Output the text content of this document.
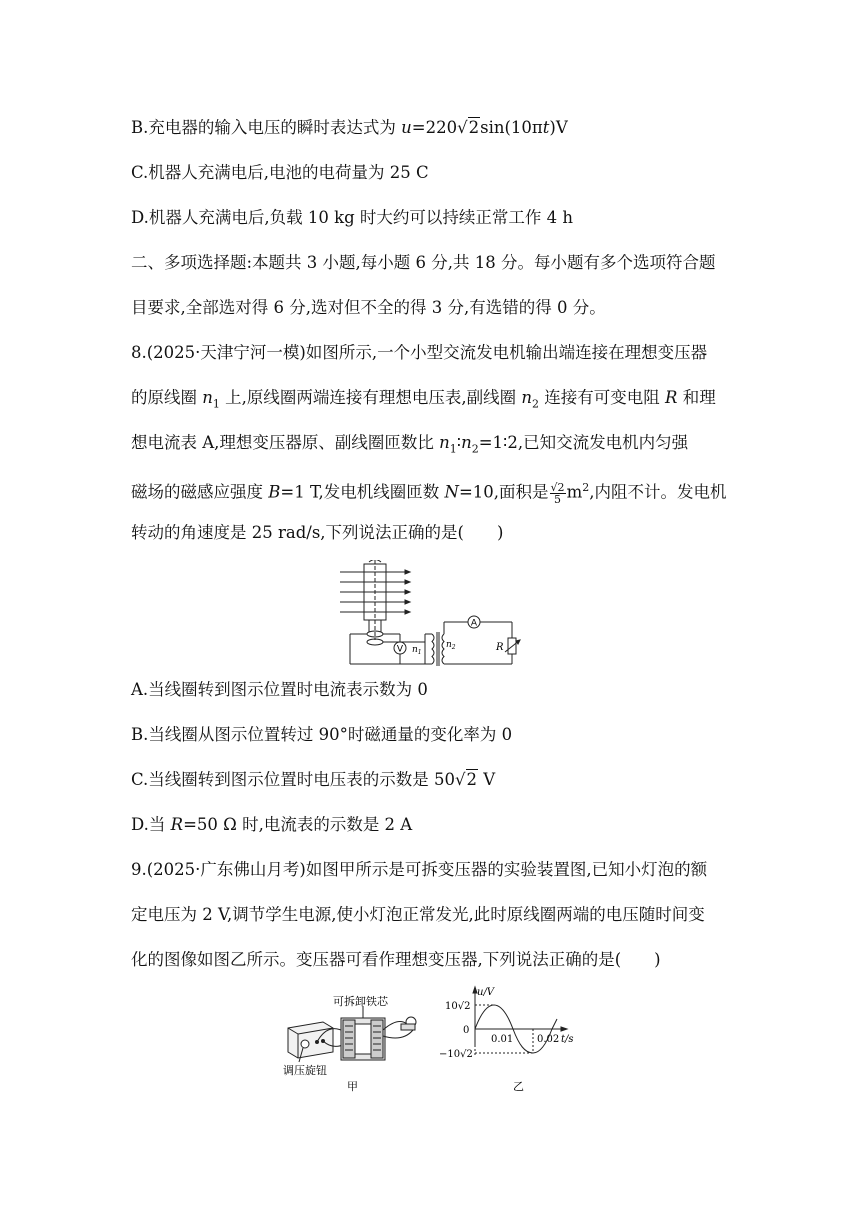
B.充电器的输入电压的瞬时表达式为 u=220√2sin(10πt)V
C.机器人充满电后,电池的电荷量为 25 C
D.机器人充满电后,负载 10 kg 时大约可以持续正常工作 4 h
二、多项选择题:本题共 3 小题,每小题 6 分,共 18 分。每小题有多个选项符合题
目要求,全部选对得 6 分,选对但不全的得 3 分,有选错的得 0 分。
8.(2025·天津宁河一模)如图所示,一个小型交流发电机输出端连接在理想变压器
的原线圈 $n_1$ 上,原线圈两端连接有理想电压表,副线圈 $n_2$ 连接有可变电阻 R 和理
想电流表 A,理想变压器原、副线圈匝数比 $n_1∶n_2=1∶2$,已知交流发电机内匀强
磁场的磁感应强度 B=1 T,发电机线圈匝数 N=10,面积是 $\frac{√2}{5} m^2$,内阻不计。发电机
转动的角速度是 25 rad/s,下列说法正确的是(　　)
V
A
$n_1$
$n_2$	R
A.当线圈转到图示位置时电流表示数为 0
B.当线圈从图示位置转过 90°时磁通量的变化率为 0
C.当线圈转到图示位置时电压表的示数是 50√2 V
D.当 R=50 Ω 时,电流表的示数是 2 A
9.(2025·广东佛山月考)如图甲所示是可拆变压器的实验装置图,已知小灯泡的额
定电压为 2 V,调节学生电源,使小灯泡正常发光,此时原线圈两端的电压随时间变
化的图像如图乙所示。变压器可看作理想变压器,下列说法正确的是(　　)
可拆卸铁芯
调压旋钮
甲
u/V
10√2
0
−10√2
0.01 0.02 t/s
乙
